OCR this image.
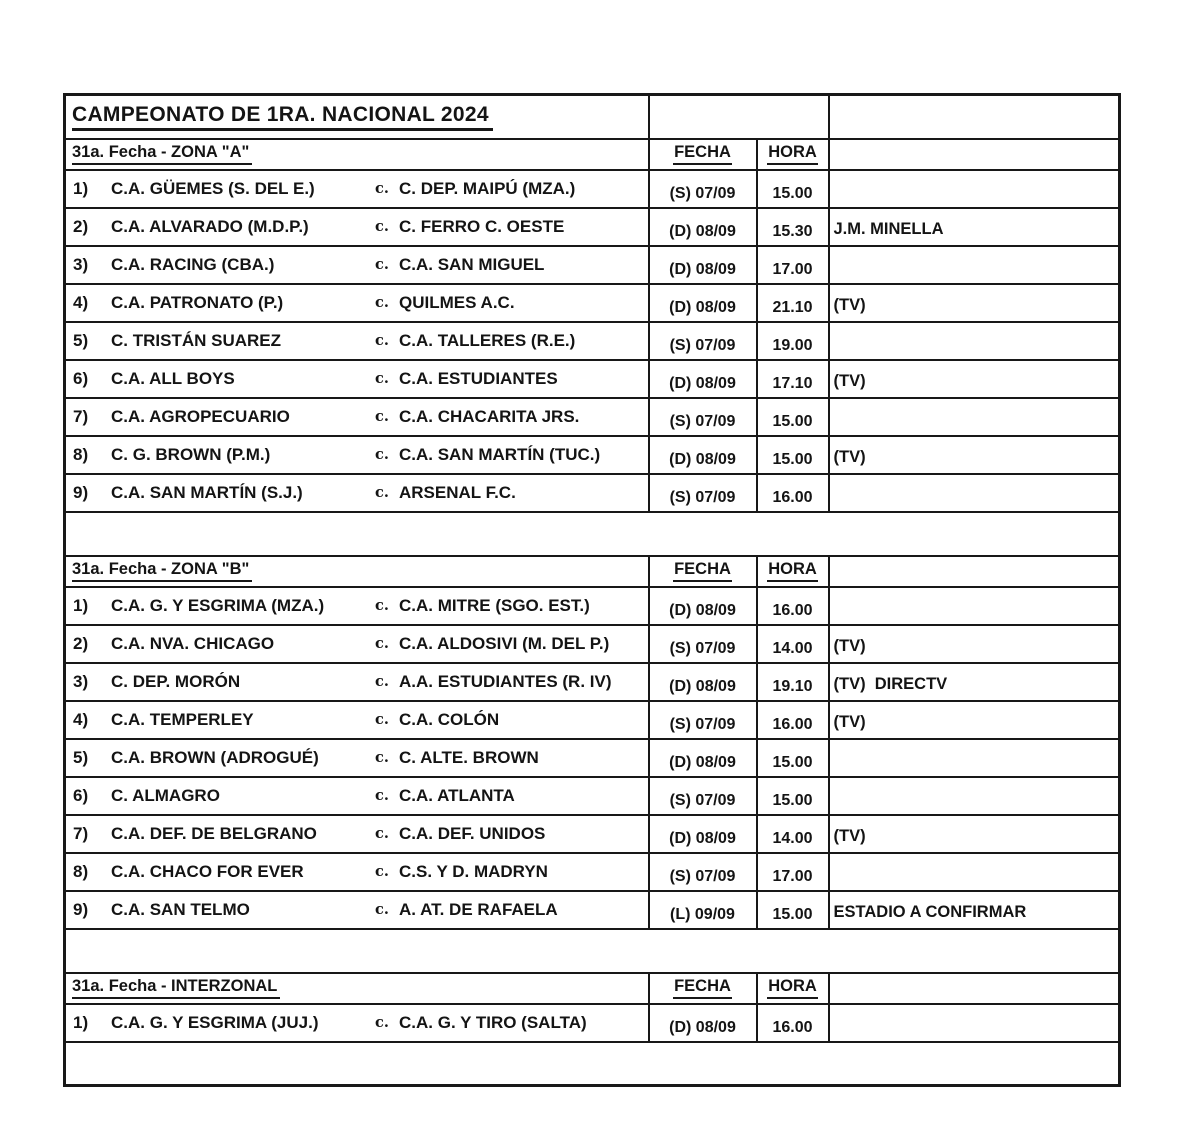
CAMPEONATO DE 1RA. NACIONAL 2024			
31a. Fecha - ZONA "A"	FECHA	HORA	

1) C.A. GÜEMES (S. DEL E.) c. C. DEP. MAIPÚ (MZA.)	(S) 07/09	15.00	

2) C.A. ALVARADO (M.D.P.) c. C. FERRO C. OESTE	(D) 08/09	15.30	J.M. MINELLA

3) C.A. RACING (CBA.) c. C.A. SAN MIGUEL	(D) 08/09	17.00	

4) C.A. PATRONATO (P.) c. QUILMES A.C.	(D) 08/09	21.10	(TV)

5) C. TRISTÁN SUAREZ c. C.A. TALLERES (R.E.)	(S) 07/09	19.00	

6) C.A. ALL BOYS c. C.A. ESTUDIANTES	(D) 08/09	17.10	(TV)

7) C.A. AGROPECUARIO c. C.A. CHACARITA JRS.	(S) 07/09	15.00	

8) C. G. BROWN (P.M.) c. C.A. SAN MARTÍN (TUC.)	(D) 08/09	15.00	(TV)

9) C.A. SAN MARTÍN (S.J.) c. ARSENAL F.C.	(S) 07/09	16.00	

31a. Fecha - ZONA "B"	FECHA	HORA	

1) C.A. G. Y ESGRIMA (MZA.) c. C.A. MITRE (SGO. EST.)	(D) 08/09	16.00	

2) C.A. NVA. CHICAGO c. C.A. ALDOSIVI (M. DEL P.)	(S) 07/09	14.00	(TV)

3) C. DEP. MORÓN c. A.A. ESTUDIANTES (R. IV)	(D) 08/09	19.10	(TV)  DIRECTV

4) C.A. TEMPERLEY c. C.A. COLÓN	(S) 07/09	16.00	(TV)

5) C.A. BROWN (ADROGUÉ) c. C. ALTE. BROWN	(D) 08/09	15.00	

6) C. ALMAGRO c. C.A. ATLANTA	(S) 07/09	15.00	

7) C.A. DEF. DE BELGRANO c. C.A. DEF. UNIDOS	(D) 08/09	14.00	(TV)

8) C.A. CHACO FOR EVER c. C.S. Y D. MADRYN	(S) 07/09	17.00	

9) C.A. SAN TELMO c. A. AT. DE RAFAELA	(L) 09/09	15.00	ESTADIO A CONFIRMAR

31a. Fecha - INTERZONAL	FECHA	HORA	

1) C.A. G. Y ESGRIMA (JUJ.) c. C.A. G. Y TIRO (SALTA)	(D) 08/09	16.00	
